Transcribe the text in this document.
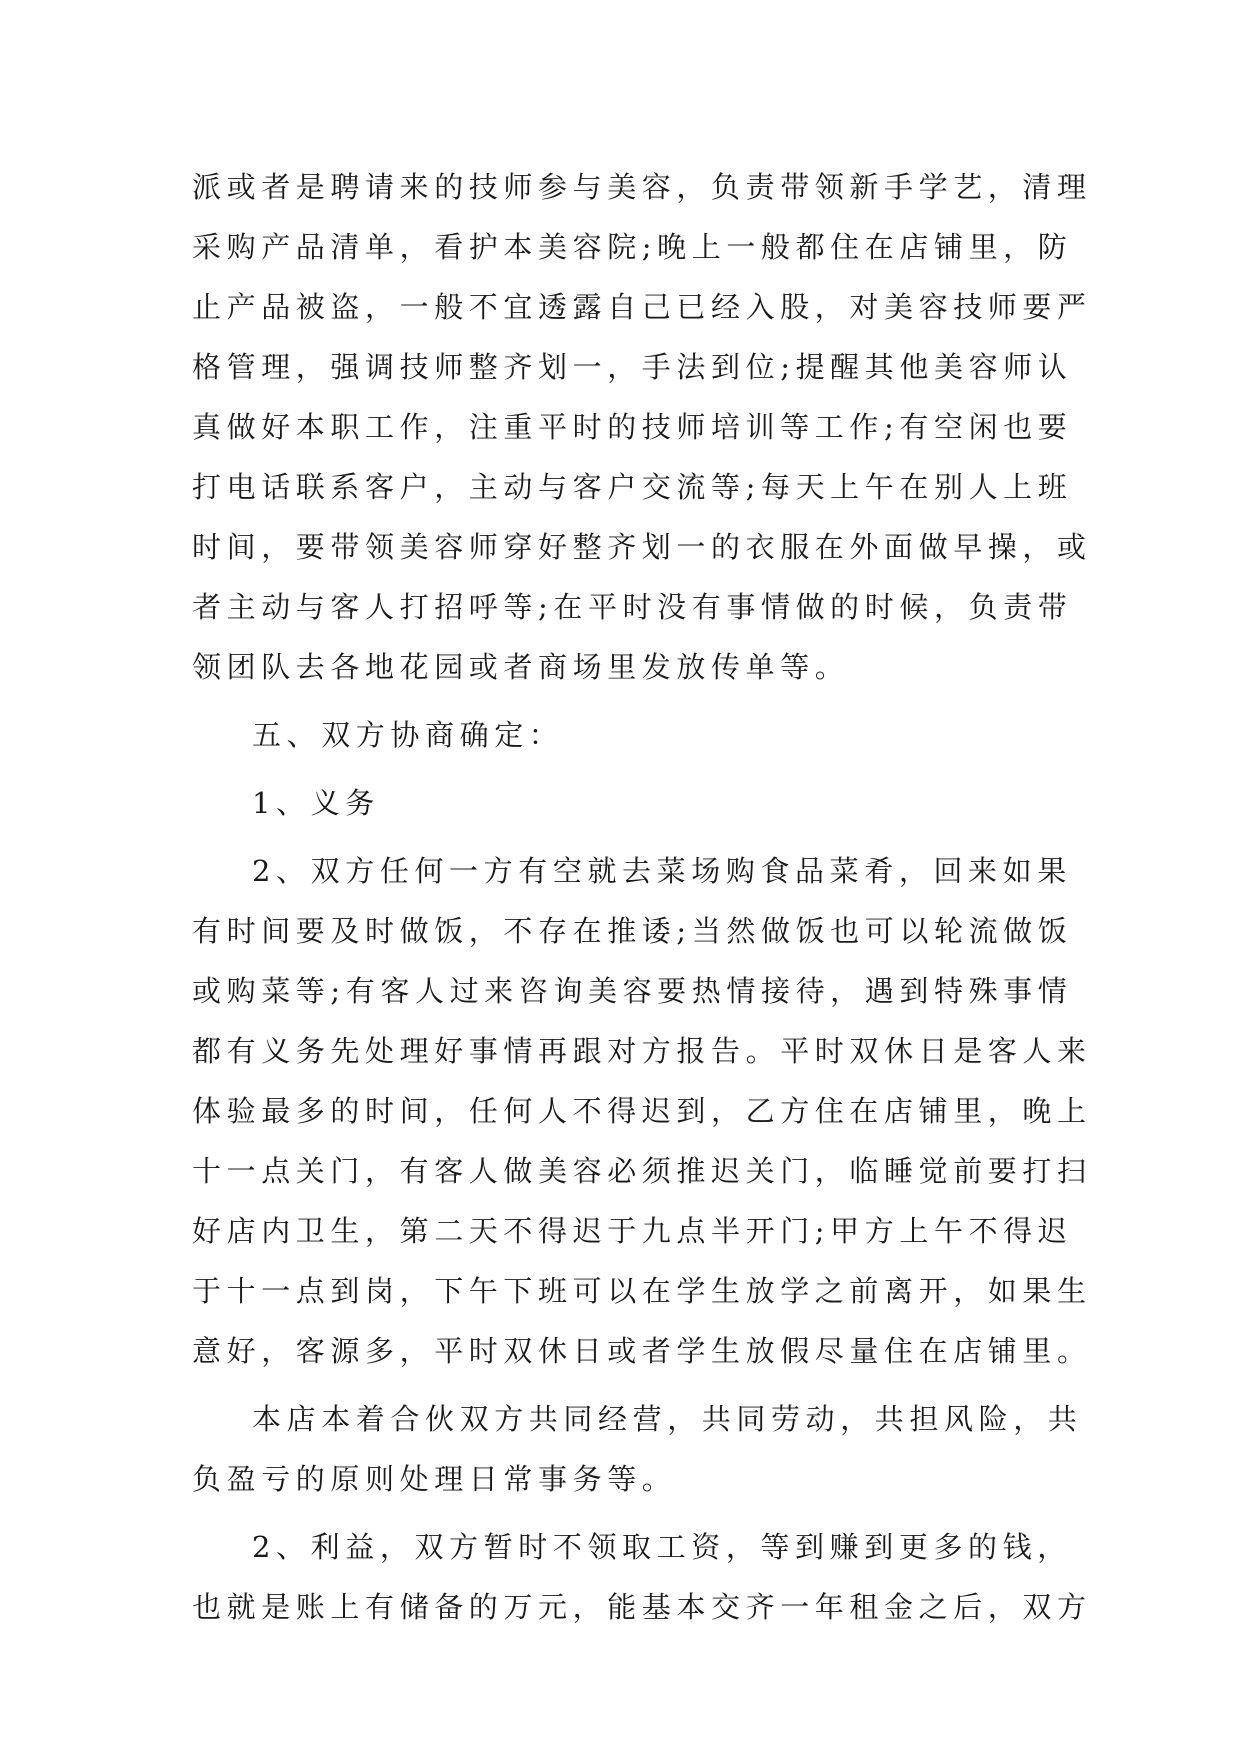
派或者是聘请来的技师参与美容，负责带领新手学艺，清理
采购产品清单，看护本美容院;晚上一般都住在店铺里，防
止产品被盗，一般不宜透露自己已经入股，对美容技师要严
格管理，强调技师整齐划一，手法到位;提醒其他美容师认
真做好本职工作，注重平时的技师培训等工作;有空闲也要
打电话联系客户，主动与客户交流等;每天上午在别人上班
时间，要带领美容师穿好整齐划一的衣服在外面做早操，或
者主动与客人打招呼等;在平时没有事情做的时候，负责带
领团队去各地花园或者商场里发放传单等。
五、双方协商确定：
1、义务
2、双方任何一方有空就去菜场购食品菜肴，回来如果
有时间要及时做饭，不存在推诿;当然做饭也可以轮流做饭
或购菜等;有客人过来咨询美容要热情接待，遇到特殊事情
都有义务先处理好事情再跟对方报告。平时双休日是客人来
体验最多的时间，任何人不得迟到，乙方住在店铺里，晚上
十一点关门，有客人做美容必须推迟关门，临睡觉前要打扫
好店内卫生，第二天不得迟于九点半开门;甲方上午不得迟
于十一点到岗，下午下班可以在学生放学之前离开，如果生
意好，客源多，平时双休日或者学生放假尽量住在店铺里。
本店本着合伙双方共同经营，共同劳动，共担风险，共
负盈亏的原则处理日常事务等。
2、利益，双方暂时不领取工资，等到赚到更多的钱，
也就是账上有储备的万元，能基本交齐一年租金之后，双方
